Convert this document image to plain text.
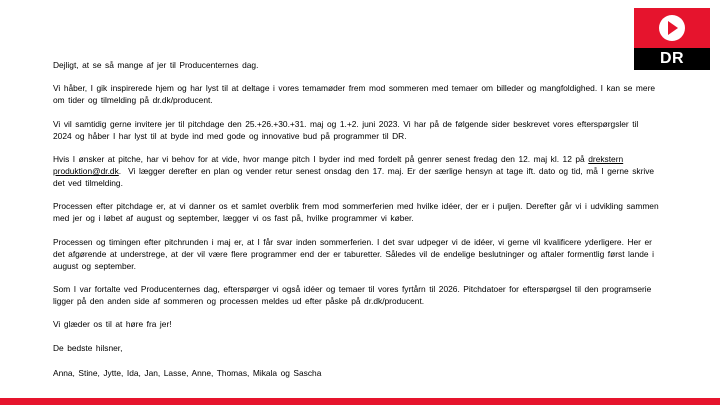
DR

Dejligt, at se så mange af jer til Producenternes dag.

Vi håber, I gik inspirerede hjem og har lyst til at deltage i vores temamøder frem mod sommeren med temaer om billeder og mangfoldighed. I kan se mere om tider og tilmelding på dr.dk/producent.

Vi vil samtidig gerne invitere jer til pitchdage den 25.+26.+30.+31. maj og 1.+2. juni 2023. Vi har på de følgende sider beskrevet vores efterspørgsler til 2024 og håber I har lyst til at byde ind med gode og innovative bud på programmer til DR.

Hvis I ønsker at pitche, har vi behov for at vide, hvor mange pitch I byder ind med fordelt på genrer senest fredag den 12. maj kl. 12 på drekstern produktion@dr.dk.  Vi lægger derefter en plan og vender retur senest onsdag den 17. maj. Er der særlige hensyn at tage ift. dato og tid, må I gerne skrive det ved tilmelding.

Processen efter pitchdage er, at vi danner os et samlet overblik frem mod sommerferien med hvilke idéer, der er i puljen. Derefter går vi i udvikling sammen med jer og i løbet af august og september, lægger vi os fast på, hvilke programmer vi køber.

Processen og timingen efter pitchrunden i maj er, at I får svar inden sommerferien. I det svar udpeger vi de idéer, vi gerne vil kvalificere yderligere. Her er det afgørende at understrege, at der vil være flere programmer end der er taburetter. Således vil de endelige beslutninger og aftaler formentlig først lande i august og september.

Som I var fortalte ved Producenternes dag, efterspørger vi også idéer og temaer til vores fyrtårn til 2026. Pitchdatoer for efterspørgsel til den programserie ligger på den anden side af sommeren og processen meldes ud efter påske på dr.dk/producent.

Vi glæder os til at høre fra jer!

De bedste hilsner,

Anna, Stine, Jytte, Ida, Jan, Lasse, Anne, Thomas, Mikala og Sascha
